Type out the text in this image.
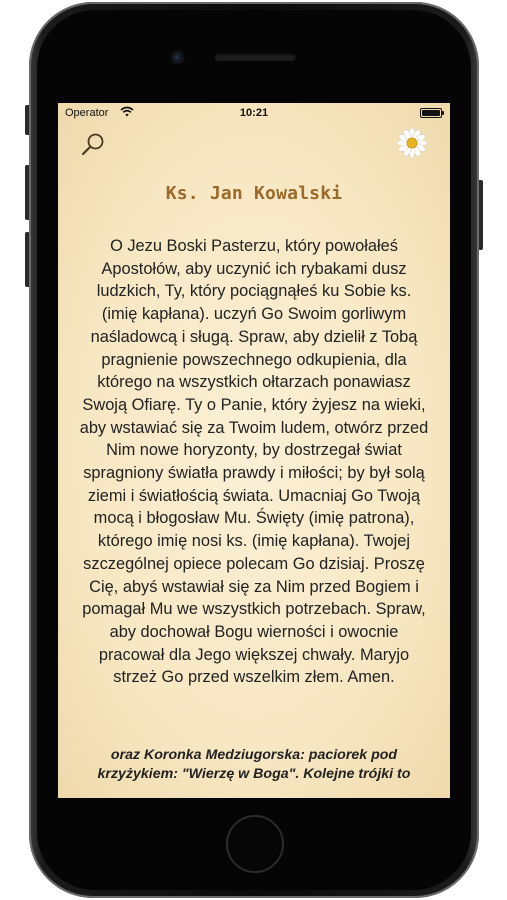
Operator	10:21
Ks. Jan Kowalski

O Jezu Boski Pasterzu, który powołałeś Apostołów, aby uczynić ich rybakami dusz ludzkich, Ty, który pociągnąłeś ku Sobie ks. (imię kapłana). uczyń Go Swoim gorliwym naśladowcą i sługą. Spraw, aby dzielił z Tobą pragnienie powszechnego odkupienia, dla którego na wszystkich ołtarzach ponawiasz Swoją Ofiarę. Ty o Panie, który żyjesz na wieki, aby wstawiać się za Twoim ludem, otwórz przed Nim nowe horyzonty, by dostrzegał świat spragniony światła prawdy i miłości; by był solą ziemi i światłością świata. Umacniaj Go Twoją mocą i błogosław Mu. Święty (imię patrona), którego imię nosi ks. (imię kapłana). Twojej szczególnej opiece polecam Go dzisiaj. Proszę Cię, abyś wstawiał się za Nim przed Bogiem i pomagał Mu we wszystkich potrzebach. Spraw, aby dochował Bogu wierności i owocnie pracował dla Jego większej chwały. Maryjo strzeż Go przed wszelkim złem. Amen.

oraz Koronka Medziugorska: paciorek pod krzyżykiem: "Wierzę w Boga". Kolejne trójki to
